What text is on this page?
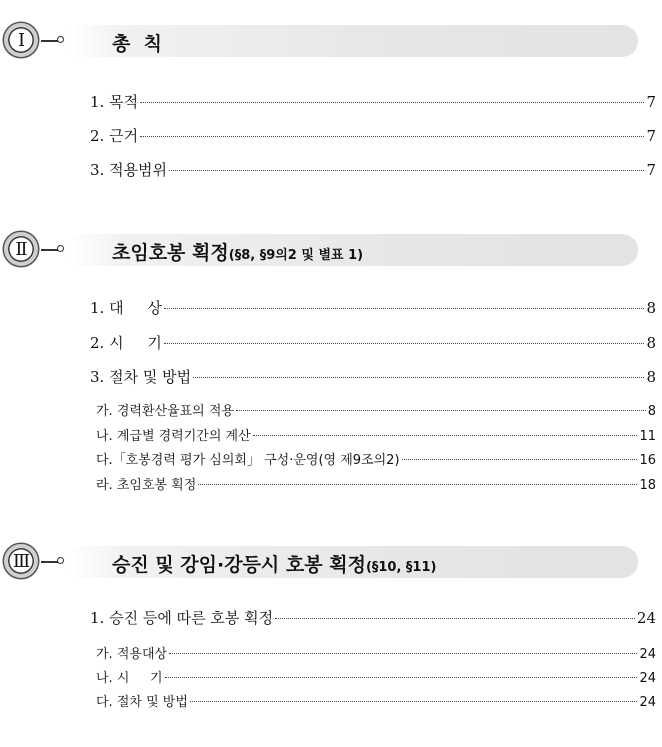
Ⅰ	총  칙
1. 목적	7
2. 근거	7
3. 적용범위	7
Ⅱ	초임호봉 획정(§8, §9의2 및 별표 1)
1. 대     상	8
2. 시     기	8
3. 절차 및 방법	8
가. 경력환산율표의 적용	8
나. 계급별 경력기간의 계산	11
다.「호봉경력 평가 심의회」 구성·운영(영 제9조의2)	16
라. 초임호봉 획정	18
Ⅲ	승진 및 강임·강등시 호봉 획정(§10, §11)
1. 승진 등에 따른 호봉 획정	24
가. 적용대상	24
나. 시     기	24
다. 절차 및 방법	24
